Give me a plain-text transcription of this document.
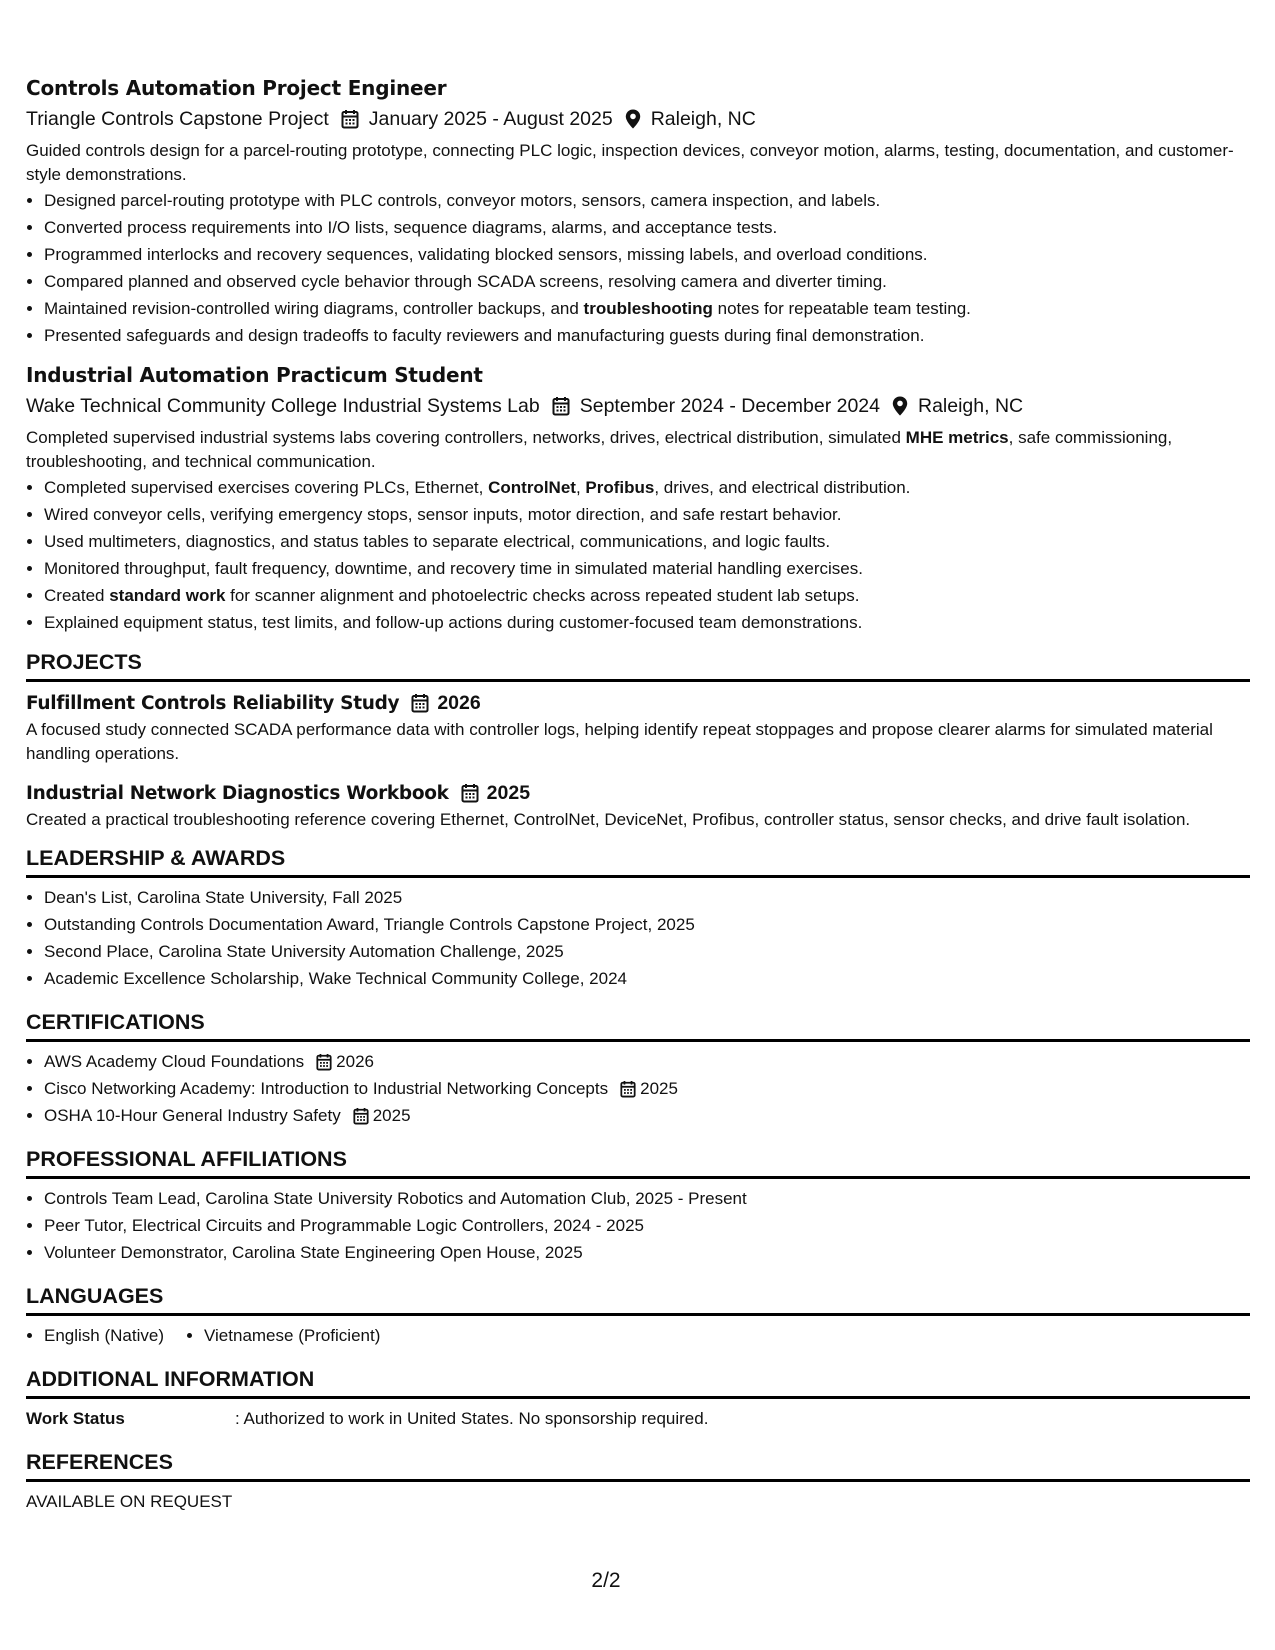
Controls Automation Project Engineer
Triangle Controls Capstone Project January 2025 - August 2025 Raleigh, NC
Guided controls design for a parcel-routing prototype, connecting PLC logic, inspection devices, conveyor motion, alarms, testing, documentation, and customer-style demonstrations.
• Designed parcel-routing prototype with PLC controls, conveyor motors, sensors, camera inspection, and labels.
• Converted process requirements into I/O lists, sequence diagrams, alarms, and acceptance tests.
• Programmed interlocks and recovery sequences, validating blocked sensors, missing labels, and overload conditions.
• Compared planned and observed cycle behavior through SCADA screens, resolving camera and diverter timing.
• Maintained revision-controlled wiring diagrams, controller backups, and troubleshooting notes for repeatable team testing.
• Presented safeguards and design tradeoffs to faculty reviewers and manufacturing guests during final demonstration.
Industrial Automation Practicum Student
Wake Technical Community College Industrial Systems Lab September 2024 - December 2024 Raleigh, NC
Completed supervised industrial systems labs covering controllers, networks, drives, electrical distribution, simulated MHE metrics, safe commissioning, troubleshooting, and technical communication.
• Completed supervised exercises covering PLCs, Ethernet, ControlNet, Profibus, drives, and electrical distribution.
• Wired conveyor cells, verifying emergency stops, sensor inputs, motor direction, and safe restart behavior.
• Used multimeters, diagnostics, and status tables to separate electrical, communications, and logic faults.
• Monitored throughput, fault frequency, downtime, and recovery time in simulated material handling exercises.
• Created standard work for scanner alignment and photoelectric checks across repeated student lab setups.
• Explained equipment status, test limits, and follow-up actions during customer-focused team demonstrations.
PROJECTS
Fulfillment Controls Reliability Study 2026
A focused study connected SCADA performance data with controller logs, helping identify repeat stoppages and propose clearer alarms for simulated material handling operations.
Industrial Network Diagnostics Workbook 2025
Created a practical troubleshooting reference covering Ethernet, ControlNet, DeviceNet, Profibus, controller status, sensor checks, and drive fault isolation.
LEADERSHIP & AWARDS
• Dean's List, Carolina State University, Fall 2025
• Outstanding Controls Documentation Award, Triangle Controls Capstone Project, 2025
• Second Place, Carolina State University Automation Challenge, 2025
• Academic Excellence Scholarship, Wake Technical Community College, 2024
CERTIFICATIONS
• AWS Academy Cloud Foundations 2026
• Cisco Networking Academy: Introduction to Industrial Networking Concepts 2025
• OSHA 10-Hour General Industry Safety 2025
PROFESSIONAL AFFILIATIONS
• Controls Team Lead, Carolina State University Robotics and Automation Club, 2025 - Present
• Peer Tutor, Electrical Circuits and Programmable Logic Controllers, 2024 - 2025
• Volunteer Demonstrator, Carolina State Engineering Open House, 2025
LANGUAGES
• English (Native)
• Vietnamese (Proficient)
ADDITIONAL INFORMATION
Work Status	: Authorized to work in United States. No sponsorship required.
REFERENCES
AVAILABLE ON REQUEST
2/2
